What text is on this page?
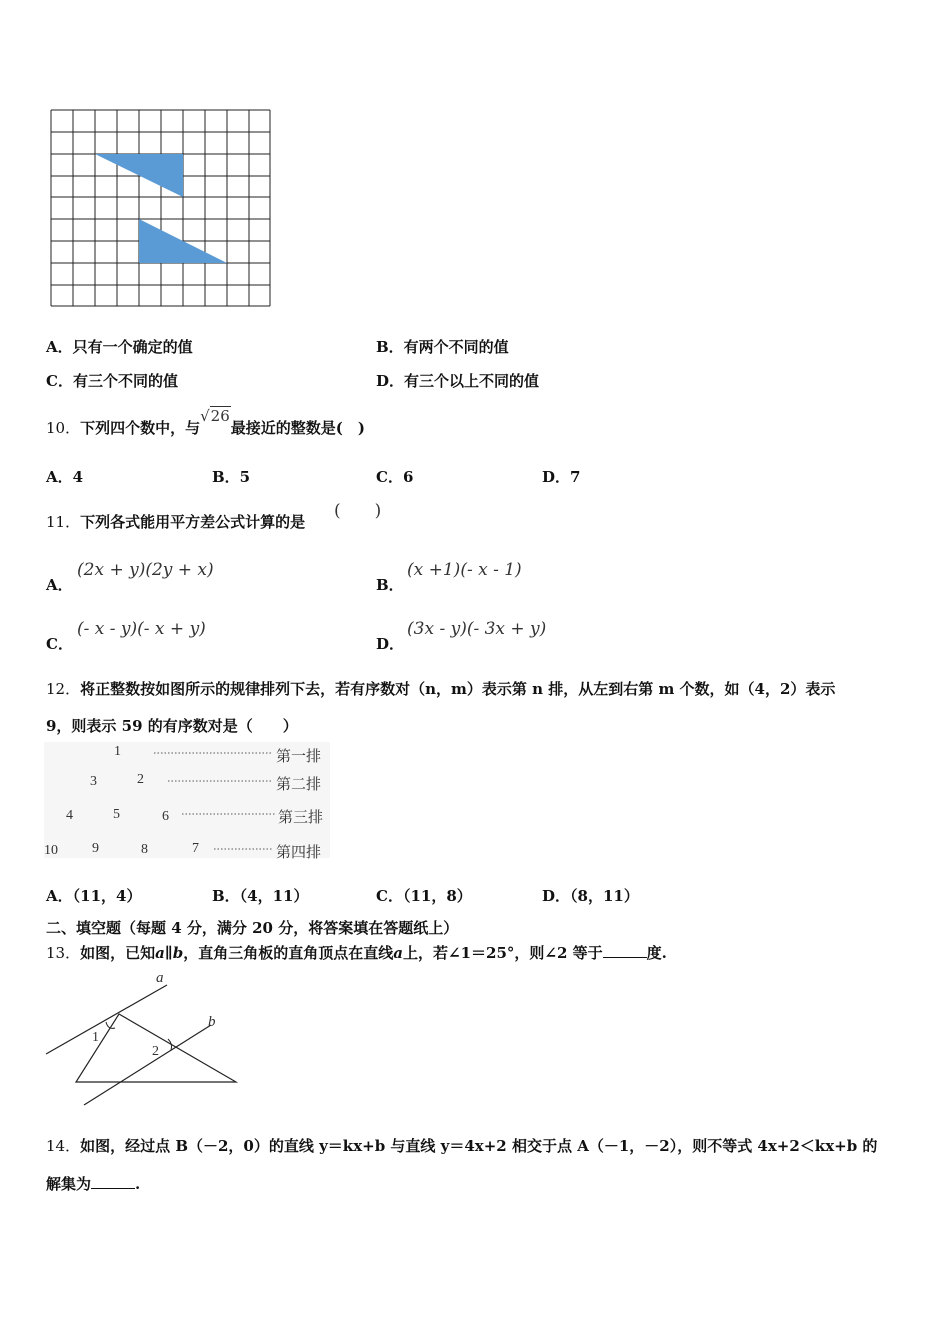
A．只有一个确定的值	B．有两个不同的值
C．有三个不同的值	D．有三个以上不同的值
10．下列四个数中，与√26最接近的整数是(　)
A．4	B．5	C．6	D．7
11．下列各式能用平方差公式计算的是
(　　)
A．
(2x + y)(2y + x)
B．
(x +1)(- x - 1)
C．
(- x - y)(- x + y)
D．
(3x - y)(- 3x + y)
12．将正整数按如图所示的规律排列下去，若有序数对（n，m）表示第 n 排，从左到右第 m 个数，如（4，2）表示
9，则表示 59 的有序数对是（　　）
1	第一排
3	2	第二排
4	5	6	第三排
10 9	8	7	第四排
A．（11，4）	B．（4，11）	C．（11，8）	D．（8，11）
二、填空题（每题 4 分，满分 20 分，将答案填在答题纸上）
13．如图，已知a∥b，直角三角板的直角顶点在直线a上，若∠1＝25°，则∠2 等于	度.
a
b
1
2
14．如图，经过点 B（－2，0）的直线 y＝kx+b 与直线 y＝4x+2 相交于点 A（－1，－2），则不等式 4x+2＜kx+b 的
解集为	.
